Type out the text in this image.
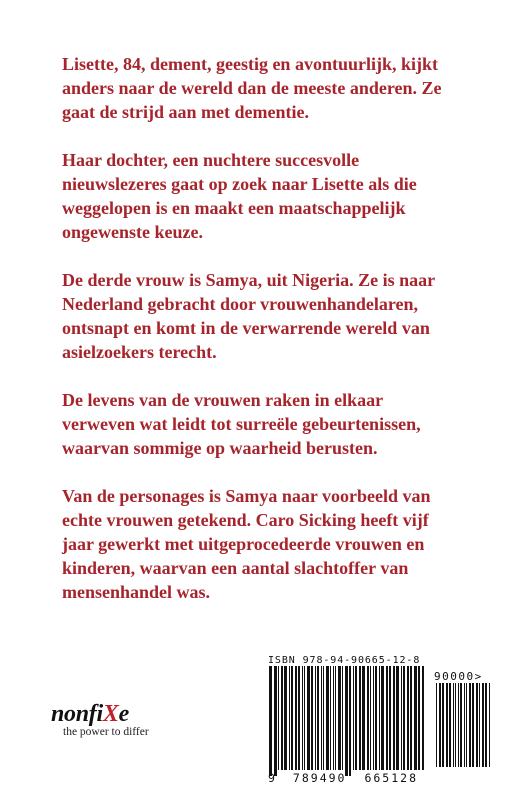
Lisette, 84, dement, geestig en avontuurlijk, kijkt

anders naar de wereld dan de meeste anderen. Ze

gaat de strijd aan met dementie.

Haar dochter, een nuchtere succesvolle

nieuwslezeres gaat op zoek naar Lisette als die

weggelopen is en maakt een maatschappelijk

ongewenste keuze.

De derde vrouw is Samya, uit Nigeria. Ze is naar

Nederland gebracht door vrouwenhandelaren,

ontsnapt en komt in de verwarrende wereld van

asielzoekers terecht.

De levens van de vrouwen raken in elkaar

verweven wat leidt tot surreële gebeurtenissen,

waarvan sommige op waarheid berusten.

Van de personages is Samya naar voorbeeld van

echte vrouwen getekend. Caro Sicking heeft vijf

jaar gewerkt met uitgeprocedeerde vrouwen en

kinderen, waarvan een aantal slachtoffer van

mensenhandel was.

nonfiXe
the power to differ
ISBN 978-94-90665-12-8
90000>
9 789490 665128
